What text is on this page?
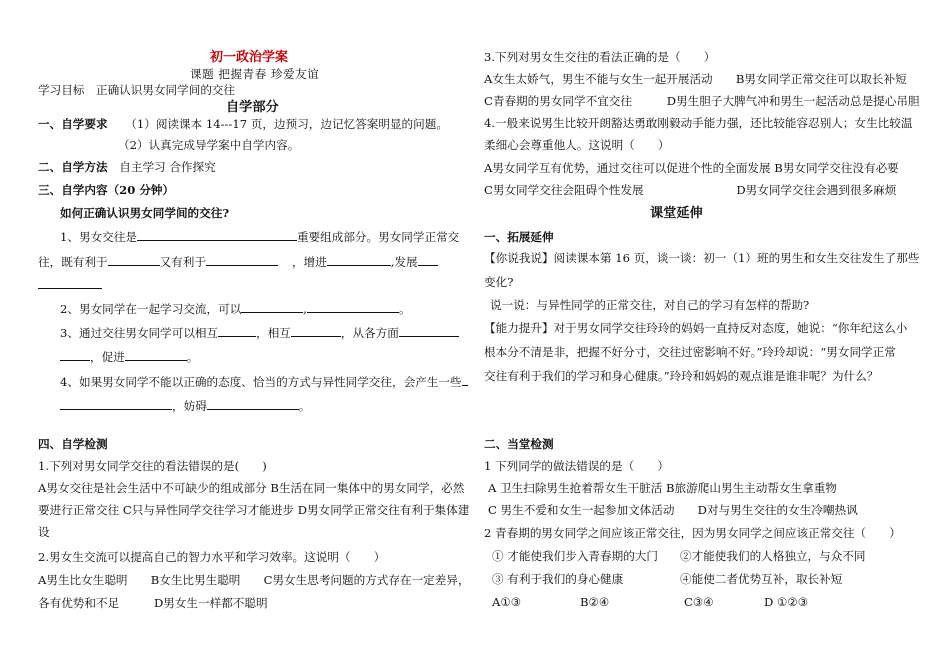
初一政治学案
课题 把握青春 珍爱友谊
学习目标　正确认识男女同学间的交往
自学部分
一、自学要求 （1）阅读课本 14---17 页，边预习，边记忆答案明显的问题。
（2）认真完成导学案中自学内容。
二、自学方法 自主学习 合作探究
三、自学内容（20 分钟）
如何正确认识男女同学间的交往?
1、男女交往是	重要组成部分。男女同学正常交
往，既有利于	又有利于	，增进	,发展
2、男女同学在一起学习交流，可以	,	。
3、通过交往男女同学可以相互	，相互	，从各方面
，促进	。
4、如果男女同学不能以正确的态度、恰当的方式与异性同学交往，会产生一些
，妨碍	。
四、自学检测
1.下列对男女同学交往的看法错误的是(　　)
A男女交往是社会生活中不可缺少的组成部分 B生活在同一集体中的男女同学，必然
要进行正常交往 C只与异性同学交往学习才能进步 D男女同学正常交往有利于集体建
设
2.男女生交流可以提高自己的智力水平和学习效率。这说明（　　）
A男生比女生聪明　　B女生比男生聪明　　C男女生思考问题的方式存在一定差异，
各有优势和不足　　　D男女生一样都不聪明
3.下列对男女生交往的看法正确的是（　　）
A女生太娇气，男生不能与女生一起开展活动　　B男女同学正常交往可以取长补短
C青春期的男女同学不宜交往　　　D男生胆子大脾气冲和男生一起活动总是提心吊胆
4.一般来说男生比较开朗豁达勇敢刚毅动手能力强，还比较能容忍别人；女生比较温
柔细心会尊重他人。这说明（　　）
A男女同学互有优势，通过交往可以促进个性的全面发展 B男女同学交往没有必要
C男女同学交往会阻碍个性发展　　　　　　　　D男女同学交往会遇到很多麻烦
课堂延伸
一、拓展延伸
【你说我说】阅读课本第 16 页，谈一谈：初一（1）班的男生和女生交往发生了那些
变化?
说一说：与异性同学的正常交往，对自己的学习有怎样的帮助?
【能力提升】对于男女同学交往玲玲的妈妈一直持反对态度，她说：“你年纪这么小
根本分不清是非，把握不好分寸，交往过密影响不好。”玲玲却说：“男女同学正常
交往有利于我们的学习和身心健康。”玲玲和妈妈的观点谁是谁非呢？为什么？
二、当堂检测
1 下列同学的做法错误的是（　　）
A 卫生扫除男生抢着帮女生干脏活 B旅游爬山男生主动帮女生拿重物
C 男生不爱和女生一起参加文体活动　　D对与男生交往的女生冷嘲热讽
2 青春期的男女同学之间应该正常交往，因为男女同学之间应该正常交往（　　）
① 才能使我们步入青春期的大门 ②才能使我们的人格独立，与众不同
③ 有利于我们的身心健康	④能使二者优势互补，取长补短
A①③	B②④	C③④	D ①②③
